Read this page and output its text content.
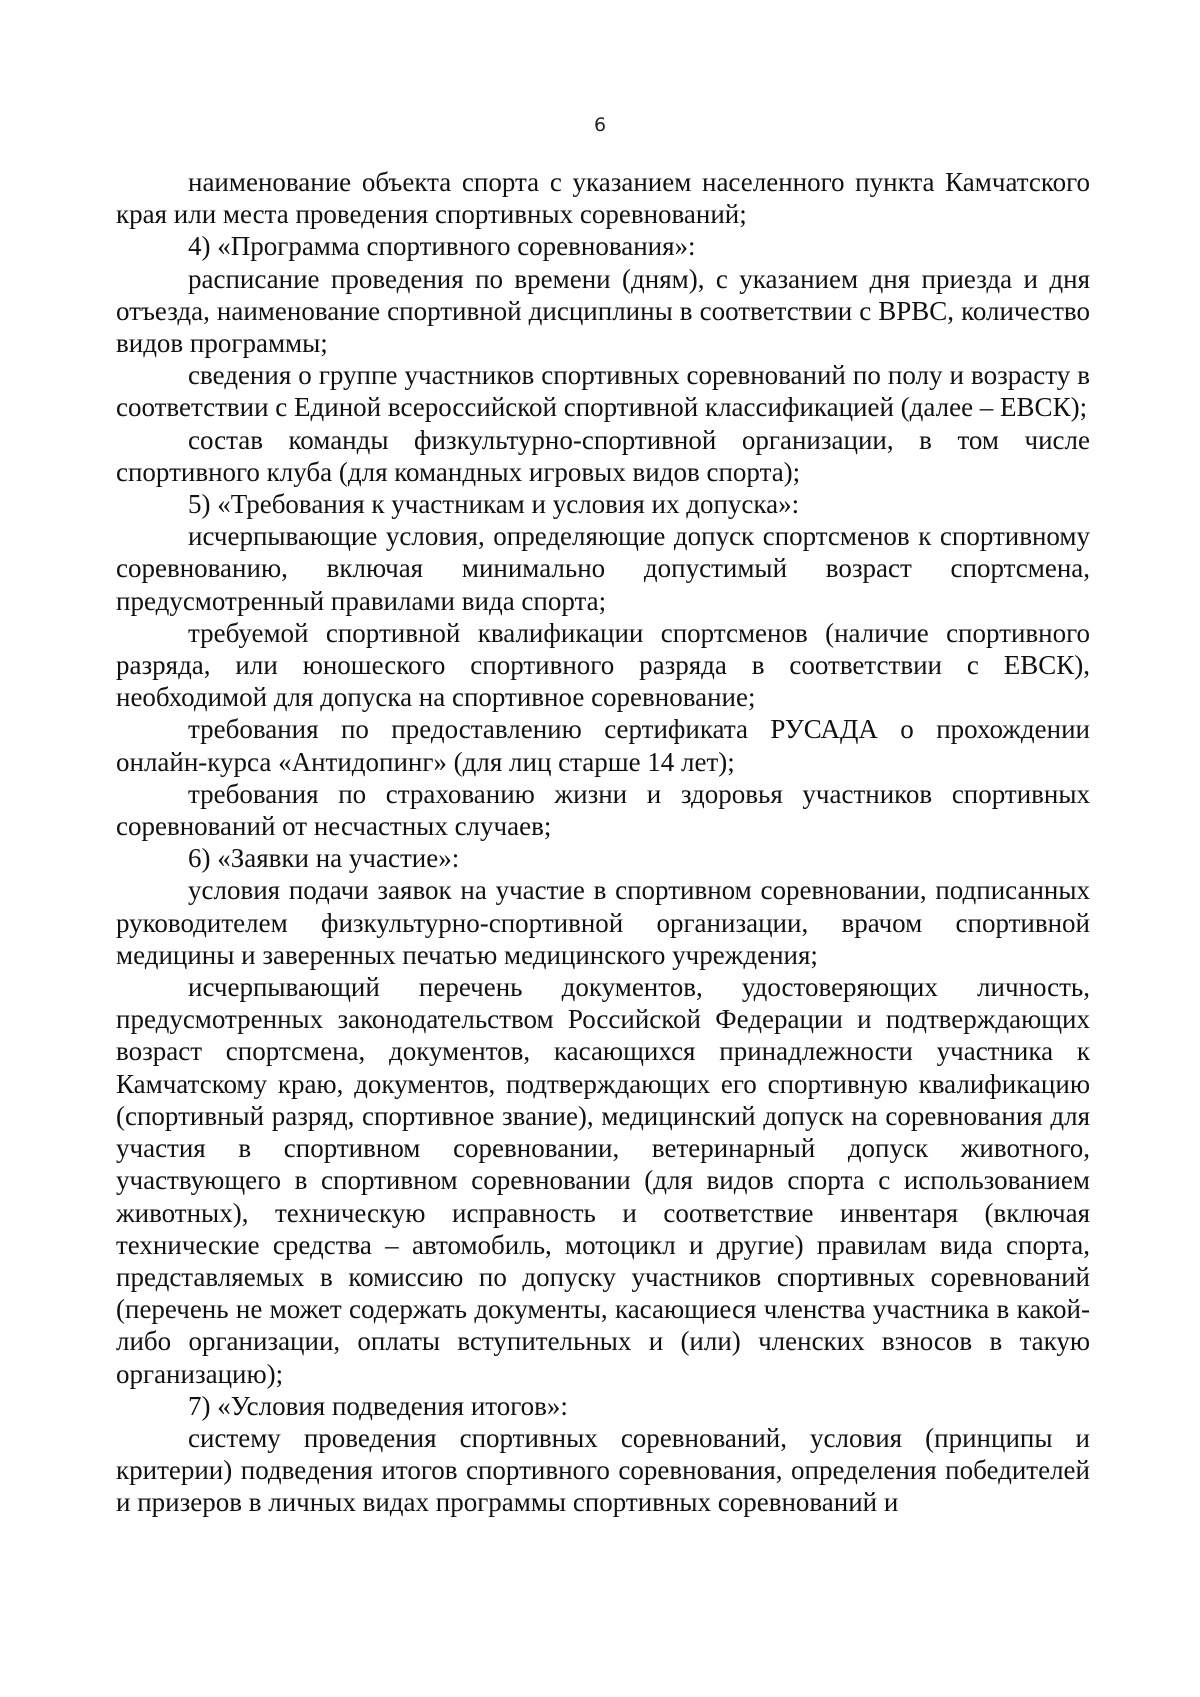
6

наименование объекта спорта с указанием населенного пункта Камчатского края или места проведения спортивных соревнований;

4) «Программа спортивного соревнования»:

расписание проведения по времени (дням), с указанием дня приезда и дня отъезда, наименование спортивной дисциплины в соответствии с ВРВС, количество видов программы;

сведения о группе участников спортивных соревнований по полу и возрасту в соответствии с Единой всероссийской спортивной классификацией (далее – ЕВСК);

состав команды физкультурно-спортивной организации, в том числе спортивного клуба (для командных игровых видов спорта);

5) «Требования к участникам и условия их допуска»:

исчерпывающие условия, определяющие допуск спортсменов к спортивному соревнованию, включая минимально допустимый возраст спортсмена, предусмотренный правилами вида спорта;

требуемой спортивной квалификации спортсменов (наличие спортивного разряда, или юношеского спортивного разряда в соответствии с ЕВСК), необходимой для допуска на спортивное соревнование;

требования по предоставлению сертификата РУСАДА о прохождении онлайн-курса «Антидопинг» (для лиц старше 14 лет);

требования по страхованию жизни и здоровья участников спортивных соревнований от несчастных случаев;

6) «Заявки на участие»:

условия подачи заявок на участие в спортивном соревновании, подписанных руководителем физкультурно-спортивной организации, врачом спортивной медицины и заверенных печатью медицинского учреждения;

исчерпывающий перечень документов, удостоверяющих личность, предусмотренных законодательством Российской Федерации и подтверждающих возраст спортсмена, документов, касающихся принадлежности участника к Камчатскому краю, документов, подтверждающих его спортивную квалификацию (спортивный разряд, спортивное звание), медицинский допуск на соревнования для участия в спортивном соревновании, ветеринарный допуск животного, участвующего в спортивном соревновании (для видов спорта с использованием животных), техническую исправность и соответствие инвентаря (включая технические средства – автомобиль, мотоцикл и другие) правилам вида спорта, представляемых в комиссию по допуску участников спортивных соревнований (перечень не может содержать документы, касающиеся членства участника в какой-либо организации, оплаты вступительных и (или) членских взносов в такую организацию);

7) «Условия подведения итогов»:

систему проведения спортивных соревнований, условия (принципы и критерии) подведения итогов спортивного соревнования, определения победителей и призеров в личных видах программы спортивных соревнований и
